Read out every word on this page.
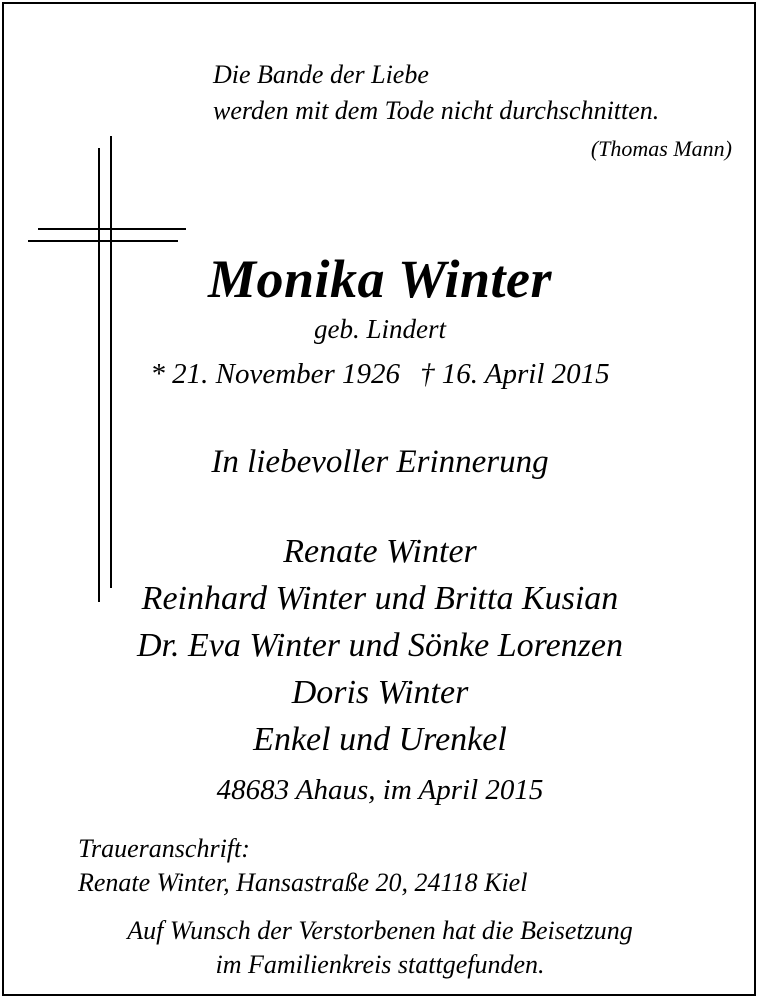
Die Bande der Liebe
werden mit dem Tode nicht durchschnitten.
(Thomas Mann)
Monika Winter
geb. Lindert
* 21. November 1926 † 16. April 2015
In liebevoller Erinnerung
Renate Winter
Reinhard Winter und Britta Kusian
Dr. Eva Winter und Sönke Lorenzen
Doris Winter
Enkel und Urenkel
48683 Ahaus, im April 2015
Traueranschrift:
Renate Winter, Hansastraße 20, 24118 Kiel
Auf Wunsch der Verstorbenen hat die Beisetzung
im Familienkreis stattgefunden.
